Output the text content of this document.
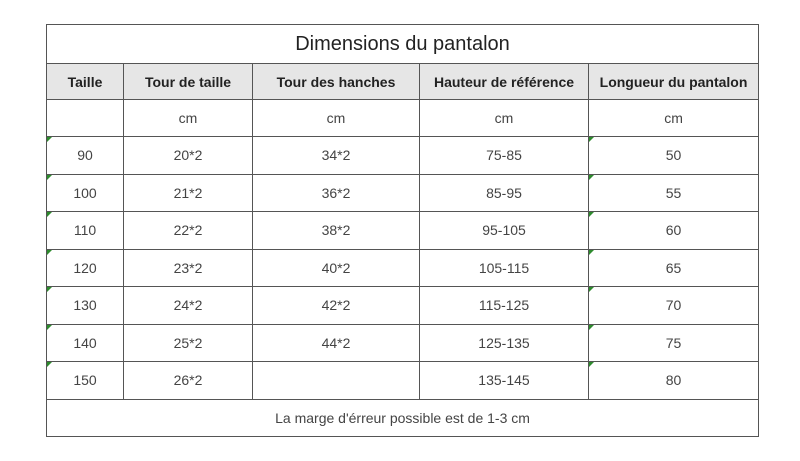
Dimensions du pantalon				
Taille	Tour de taille	Tour des hanches	Hauteur de référence	Longueur du pantalon
	cm	cm	cm	cm
90	20*2	34*2	75-85	50
100	21*2	36*2	85-95	55
110	22*2	38*2	95-105	60
120	23*2	40*2	105-115	65
130	24*2	42*2	115-125	70
140	25*2	44*2	125-135	75
150	26*2		135-145	80
La marge d'érreur possible est de 1-3 cm				
